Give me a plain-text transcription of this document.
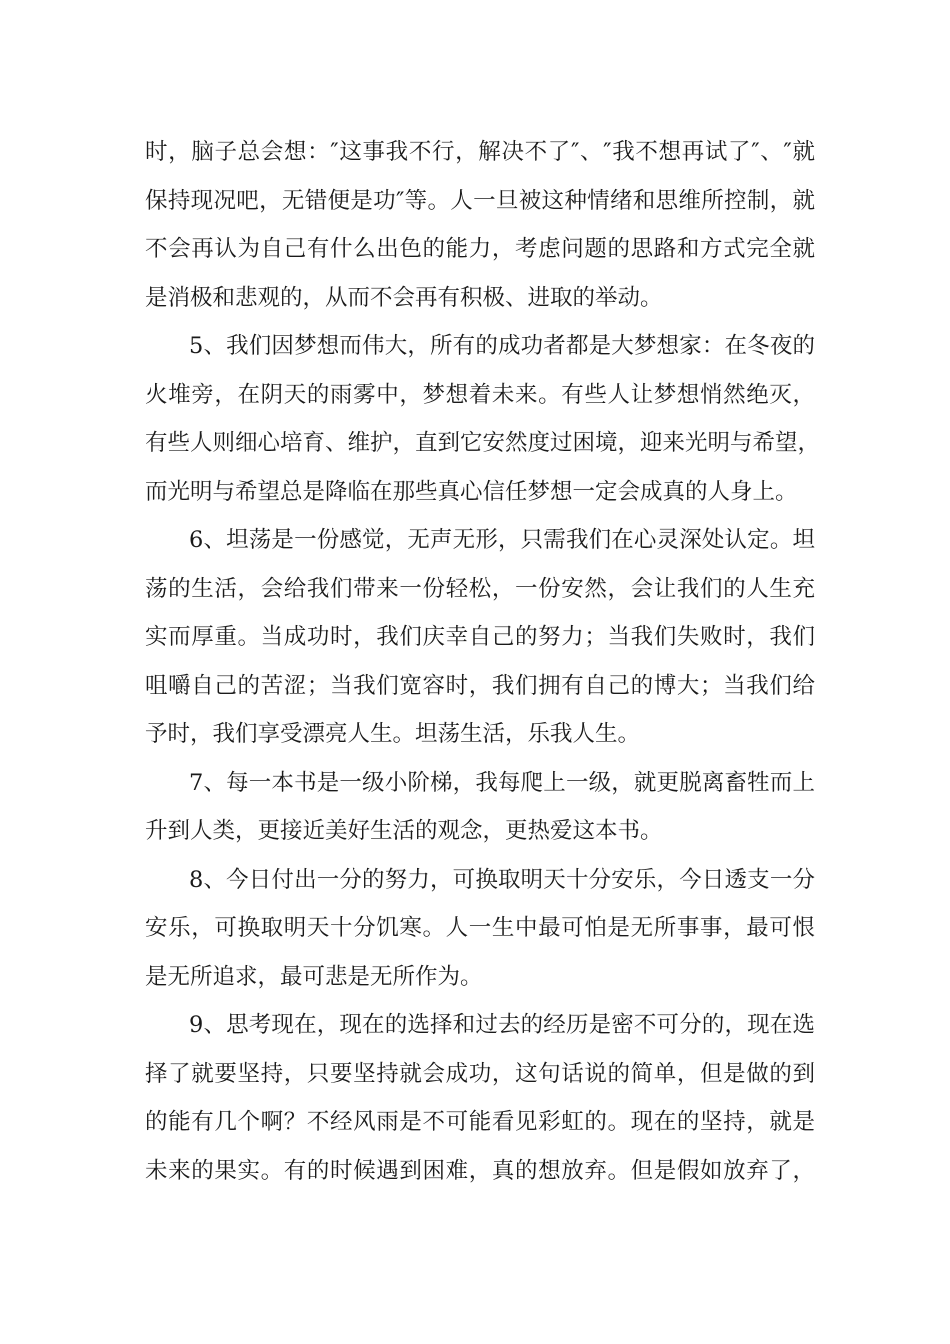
时，脑子总会想：″这事我不行，解决不了″、″我不想再试了″、″就
保持现况吧，无错便是功″等。人一旦被这种情绪和思维所控制，就
不会再认为自己有什么出色的能力，考虑问题的思路和方式完全就
是消极和悲观的，从而不会再有积极、进取的举动。
5、我们因梦想而伟大，所有的成功者都是大梦想家：在冬夜的
火堆旁，在阴天的雨雾中，梦想着未来。有些人让梦想悄然绝灭，
有些人则细心培育、维护，直到它安然度过困境，迎来光明与希望，
而光明与希望总是降临在那些真心信任梦想一定会成真的人身上。
6、坦荡是一份感觉，无声无形，只需我们在心灵深处认定。坦
荡的生活，会给我们带来一份轻松，一份安然，会让我们的人生充
实而厚重。当成功时，我们庆幸自己的努力；当我们失败时，我们
咀嚼自己的苦涩；当我们宽容时，我们拥有自己的博大；当我们给
予时，我们享受漂亮人生。坦荡生活，乐我人生。
7、每一本书是一级小阶梯，我每爬上一级，就更脱离畜牲而上
升到人类，更接近美好生活的观念，更热爱这本书。
8、今日付出一分的努力，可换取明天十分安乐，今日透支一分
安乐，可换取明天十分饥寒。人一生中最可怕是无所事事，最可恨
是无所追求，最可悲是无所作为。
9、思考现在，现在的选择和过去的经历是密不可分的，现在选
择了就要坚持，只要坚持就会成功，这句话说的简单，但是做的到
的能有几个啊？不经风雨是不可能看见彩虹的。现在的坚持，就是
未来的果实。有的时候遇到困难，真的想放弃。但是假如放弃了，
